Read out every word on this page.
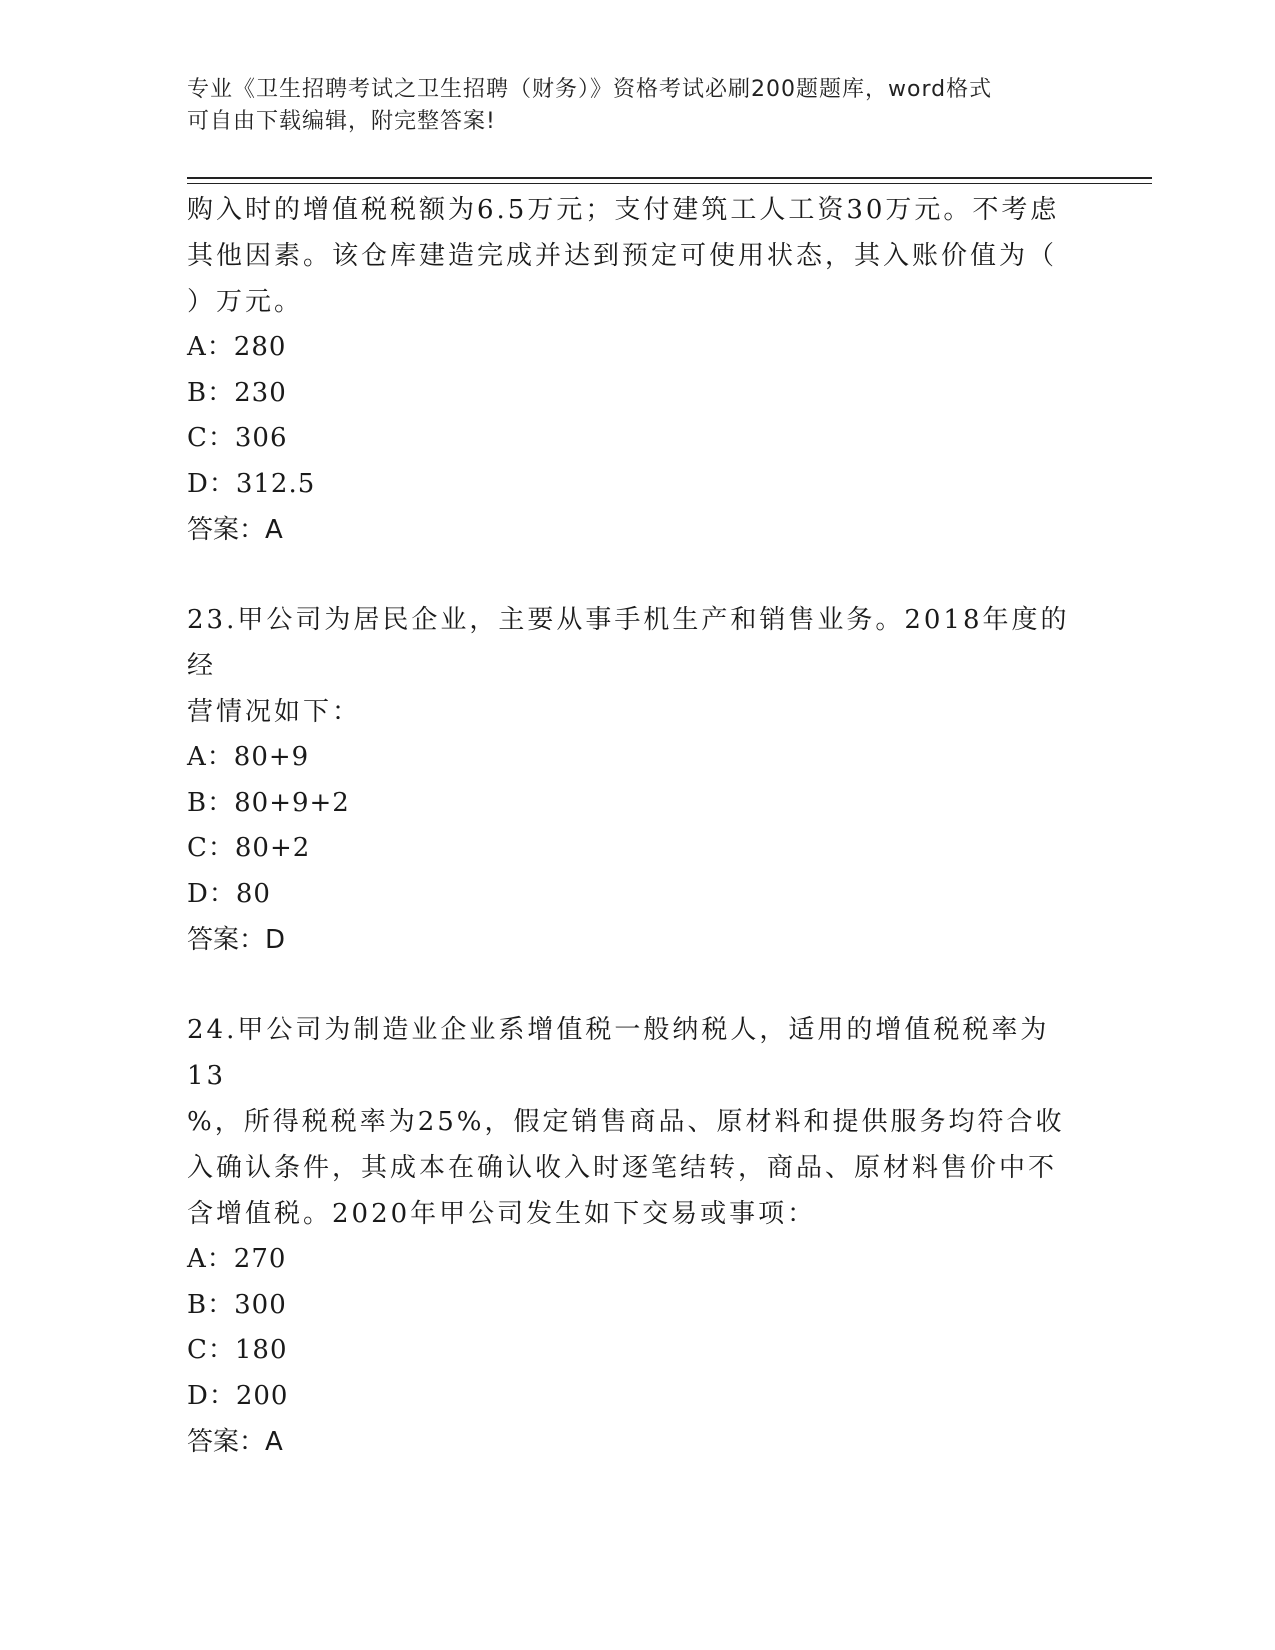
专业《卫生招聘考试之卫生招聘（财务）》资格考试必刷200题题库，word格式
可自由下载编辑，附完整答案!

购入时的增值税税额为6.5万元；支付建筑工人工资30万元。不考虑

其他因素。该仓库建造完成并达到预定可使用状态，其入账价值为（

）万元。

A：280

B：230

C：306

D：312.5

答案：A

23.甲公司为居民企业，主要从事手机生产和销售业务。2018年度的经

营情况如下：

A：80+9

B：80+9+2

C：80+2

D：80

答案：D

24.甲公司为制造业企业系增值税一般纳税人，适用的增值税税率为13

%，所得税税率为25%，假定销售商品、原材料和提供服务均符合收

入确认条件，其成本在确认收入时逐笔结转，商品、原材料售价中不

含增值税。2020年甲公司发生如下交易或事项：

A：270

B：300

C：180

D：200

答案：A
